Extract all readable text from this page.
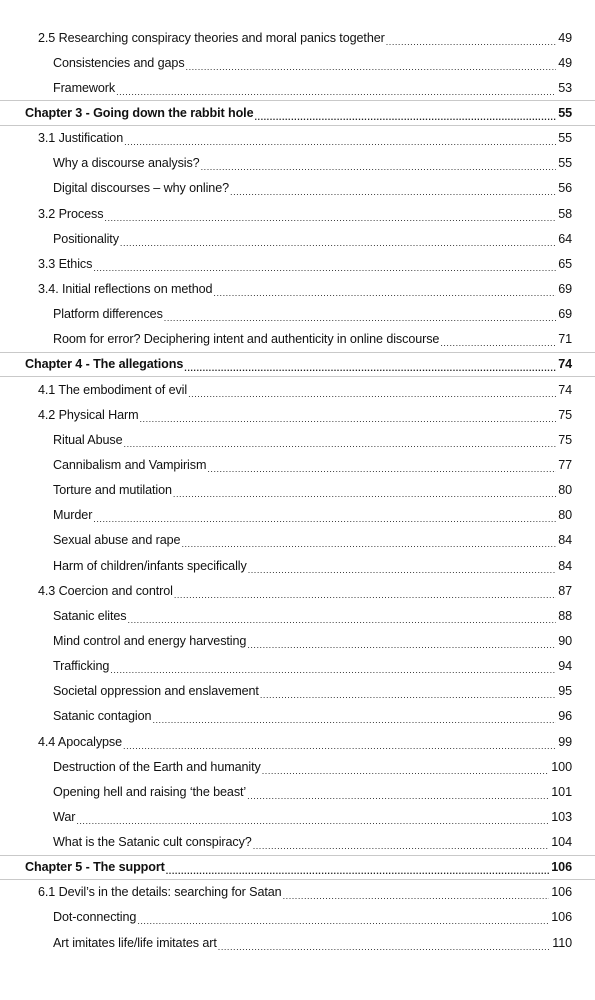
2.5 Researching conspiracy theories and moral panics together .....	49
Consistencies and gaps .....	49
Framework .....	53
Chapter 3 - Going down the rabbit hole .....	55
3.1 Justification .....	55
Why a discourse analysis? .....	55
Digital discourses – why online? .....	56
3.2 Process .....	58
Positionality .....	64
3.3 Ethics .....	65
3.4. Initial reflections on method .....	69
Platform differences .....	69
Room for error? Deciphering intent and authenticity in online discourse .....	71
Chapter 4 - The allegations .....	74
4.1 The embodiment of evil .....	74
4.2 Physical Harm .....	75
Ritual Abuse .....	75
Cannibalism and Vampirism .....	77
Torture and mutilation .....	80
Murder .....	80
Sexual abuse and rape .....	84
Harm of children/infants specifically .....	84
4.3 Coercion and control .....	87
Satanic elites .....	88
Mind control and energy harvesting .....	90
Trafficking .....	94
Societal oppression and enslavement .....	95
Satanic contagion .....	96
4.4 Apocalypse .....	99
Destruction of the Earth and humanity .....	100
Opening hell and raising ‘the beast’ .....	101
War .....	103
What is the Satanic cult conspiracy? .....	104
Chapter 5 - The support .....	106
6.1 Devil’s in the details: searching for Satan .....	106
Dot-connecting .....	106
Art imitates life/life imitates art .....	110
